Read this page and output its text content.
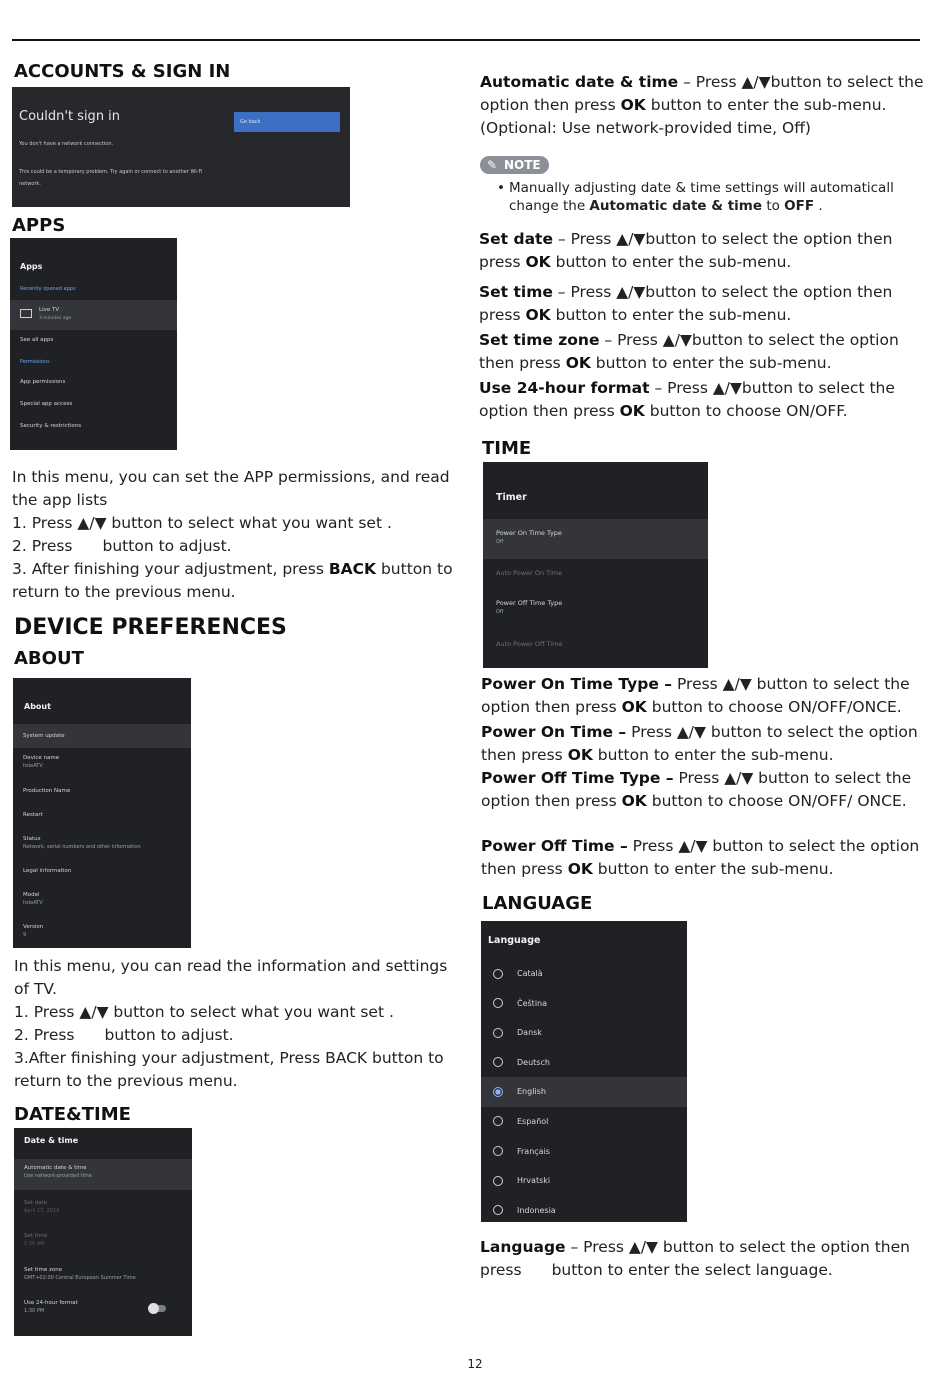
ACCOUNTS & SIGN IN
Couldn't sign in	Go back
You don't have a network connection.
This could be a temporary problem. Try again or connect to another Wi-Fi network.
APPS
Apps
Recently opened apps
Live TV
3 minutes ago
See all apps
Permissions
App permissions
Special app access
Security & restrictions

In this menu, you can set the APP permissions, and read the app lists

1. Press ▲/▼ button to select what you want set .

2. Press button to adjust.

3. After finishing your adjustment, press BACK button to return to the previous menu.

DEVICE PREFERENCES
ABOUT
About
System update
Device name
hsieATV
Production Name
Restart
Status
Network, serial numbers and other information
Legal information
Model
hsieATV
Version
9

In this menu, you can read the information and settings of TV.

1. Press ▲/▼ button to select what you want set .

2. Press button to adjust.

3.After finishing your adjustment, Press BACK button to return to the previous menu.

DATE&TIME
Date & time
Automatic date & time
Use network-provided time
Set date
April 17, 2019
Set time
1:30 AM
Set time zone
GMT+02:00 Central European Summer Time
Use 24-hour format
1:30 PM

Automatic date & time – Press ▲/▼button to select the option then press OK button to enter the sub-menu. (Optional: Use network-provided time, Off)

✎ NOTE
• Manually adjusting date & time settings will automaticall change the Automatic date & time to OFF .

Set date – Press ▲/▼button to select the option then press OK button to enter the sub-menu.

Set time – Press ▲/▼button to select the option then press OK button to enter the sub-menu.

Set time zone – Press ▲/▼button to select the option then press OK button to enter the sub-menu.

Use 24-hour format – Press ▲/▼button to select the option then press OK button to choose ON/OFF.

TIME
Timer
Power On Time Type
Off
Auto Power On Time
Power Off Time Type
Off
Auto Power Off Time

Power On Time Type – Press ▲/▼ button to select the option then press OK button to choose ON/OFF/ONCE.

Power On Time – Press ▲/▼ button to select the option then press OK button to enter the sub-menu.

Power Off Time Type – Press ▲/▼ button to select the option then press OK button to choose ON/OFF/ ONCE.

Power Off Time – Press ▲/▼ button to select the option then press OK button to enter the sub-menu.

LANGUAGE
Language
Català
Čeština
Dansk
Deutsch
English
Español
Français
Hrvatski
Indonesia

Language – Press ▲/▼ button to select the option then press button to enter the select language.

12
